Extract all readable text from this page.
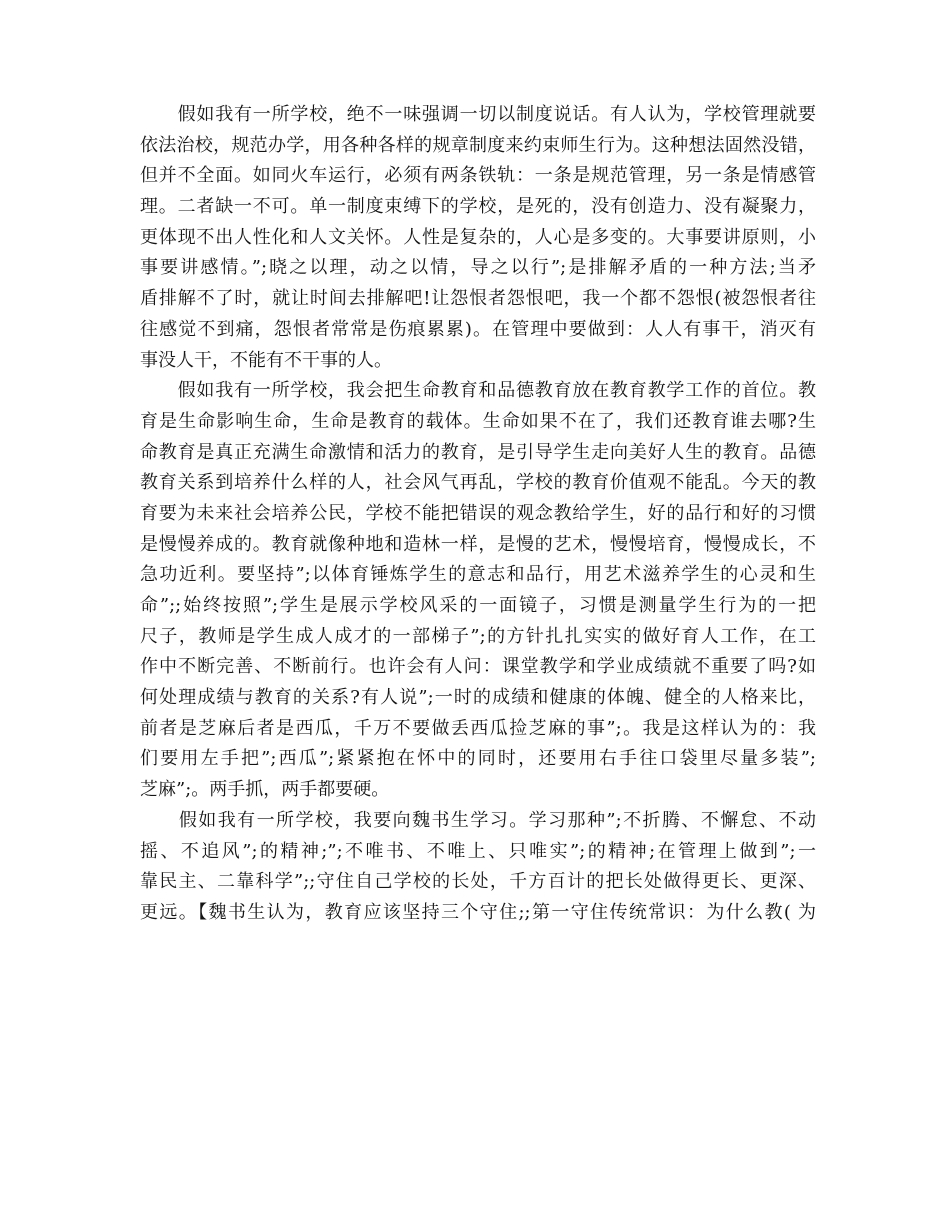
　　假如我有一所学校，绝不一味强调一切以制度说话。有人认为，学校管理就要
依法治校，规范办学，用各种各样的规章制度来约束师生行为。这种想法固然没错，
但并不全面。如同火车运行，必须有两条铁轨：一条是规范管理，另一条是情感管
理。二者缺一不可。单一制度束缚下的学校，是死的，没有创造力、没有凝聚力，
更体现不出人性化和人文关怀。人性是复杂的，人心是多变的。大事要讲原则，小
事要讲感情。”;晓之以理，动之以情，导之以行”;是排解矛盾的一种方法;当矛
盾排解不了时，就让时间去排解吧!让怨恨者怨恨吧，我一个都不怨恨(被怨恨者往
往感觉不到痛，怨恨者常常是伤痕累累)。在管理中要做到：人人有事干，消灭有
事没人干，不能有不干事的人。
　　假如我有一所学校，我会把生命教育和品德教育放在教育教学工作的首位。教
育是生命影响生命，生命是教育的载体。生命如果不在了，我们还教育谁去哪?生
命教育是真正充满生命激情和活力的教育，是引导学生走向美好人生的教育。品德
教育关系到培养什么样的人，社会风气再乱，学校的教育价值观不能乱。今天的教
育要为未来社会培养公民，学校不能把错误的观念教给学生，好的品行和好的习惯
是慢慢养成的。教育就像种地和造林一样，是慢的艺术，慢慢培育，慢慢成长，不
急功近利。要坚持”;以体育锤炼学生的意志和品行，用艺术滋养学生的心灵和生
命”;;始终按照”;学生是展示学校风采的一面镜子，习惯是测量学生行为的一把
尺子，教师是学生成人成才的一部梯子”;的方针扎扎实实的做好育人工作，在工
作中不断完善、不断前行。也许会有人问：课堂教学和学业成绩就不重要了吗?如
何处理成绩与教育的关系?有人说”;一时的成绩和健康的体魄、健全的人格来比，
前者是芝麻后者是西瓜，千万不要做丢西瓜捡芝麻的事”;。我是这样认为的：我
们要用左手把”;西瓜”;紧紧抱在怀中的同时，还要用右手往口袋里尽量多装”;
芝麻”;。两手抓，两手都要硬。
　　假如我有一所学校，我要向魏书生学习。学习那种”;不折腾、不懈怠、不动
摇、不追风”;的精神;”;不唯书、不唯上、只唯实”;的精神;在管理上做到”;一
靠民主、二靠科学”;;守住自己学校的长处，千方百计的把长处做得更长、更深、
更远。【魏书生认为，教育应该坚持三个守住;;第一守住传统常识：为什么教( 为
